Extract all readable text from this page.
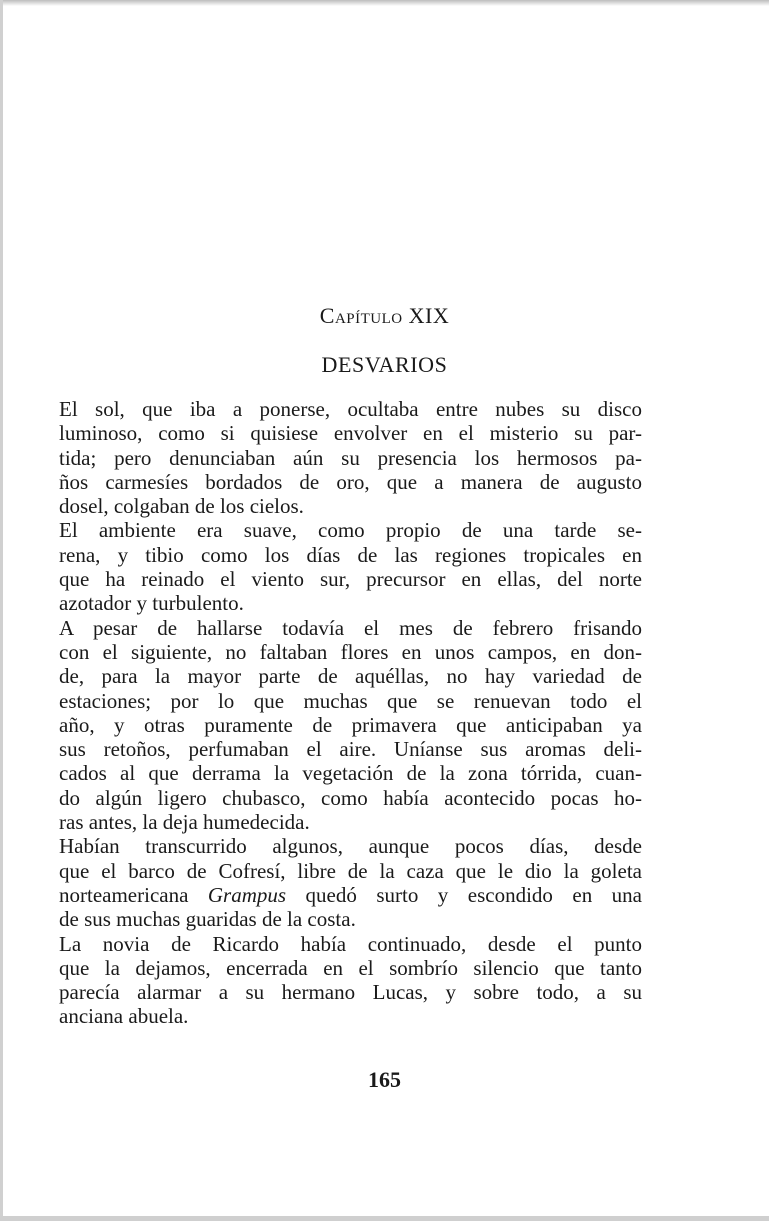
Capítulo XIX
DESVARIOS
El sol, que iba a ponerse, ocultaba entre nubes su disco
luminoso, como si quisiese envolver en el misterio su par-
tida; pero denunciaban aún su presencia los hermosos pa-
ños carmesíes bordados de oro, que a manera de augusto
dosel, colgaban de los cielos.
El ambiente era suave, como propio de una tarde se-
rena, y tibio como los días de las regiones tropicales en
que ha reinado el viento sur, precursor en ellas, del norte
azotador y turbulento.
A pesar de hallarse todavía el mes de febrero frisando
con el siguiente, no faltaban flores en unos campos, en don-
de, para la mayor parte de aquéllas, no hay variedad de
estaciones; por lo que muchas que se renuevan todo el
año, y otras puramente de primavera que anticipaban ya
sus retoños, perfumaban el aire. Uníanse sus aromas deli-
cados al que derrama la vegetación de la zona tórrida, cuan-
do algún ligero chubasco, como había acontecido pocas ho-
ras antes, la deja humedecida.
Habían transcurrido algunos, aunque pocos días, desde
que el barco de Cofresí, libre de la caza que le dio la goleta
norteamericana Grampus quedó surto y escondido en una
de sus muchas guaridas de la costa.
La novia de Ricardo había continuado, desde el punto
que la dejamos, encerrada en el sombrío silencio que tanto
parecía alarmar a su hermano Lucas, y sobre todo, a su
anciana abuela.
165
